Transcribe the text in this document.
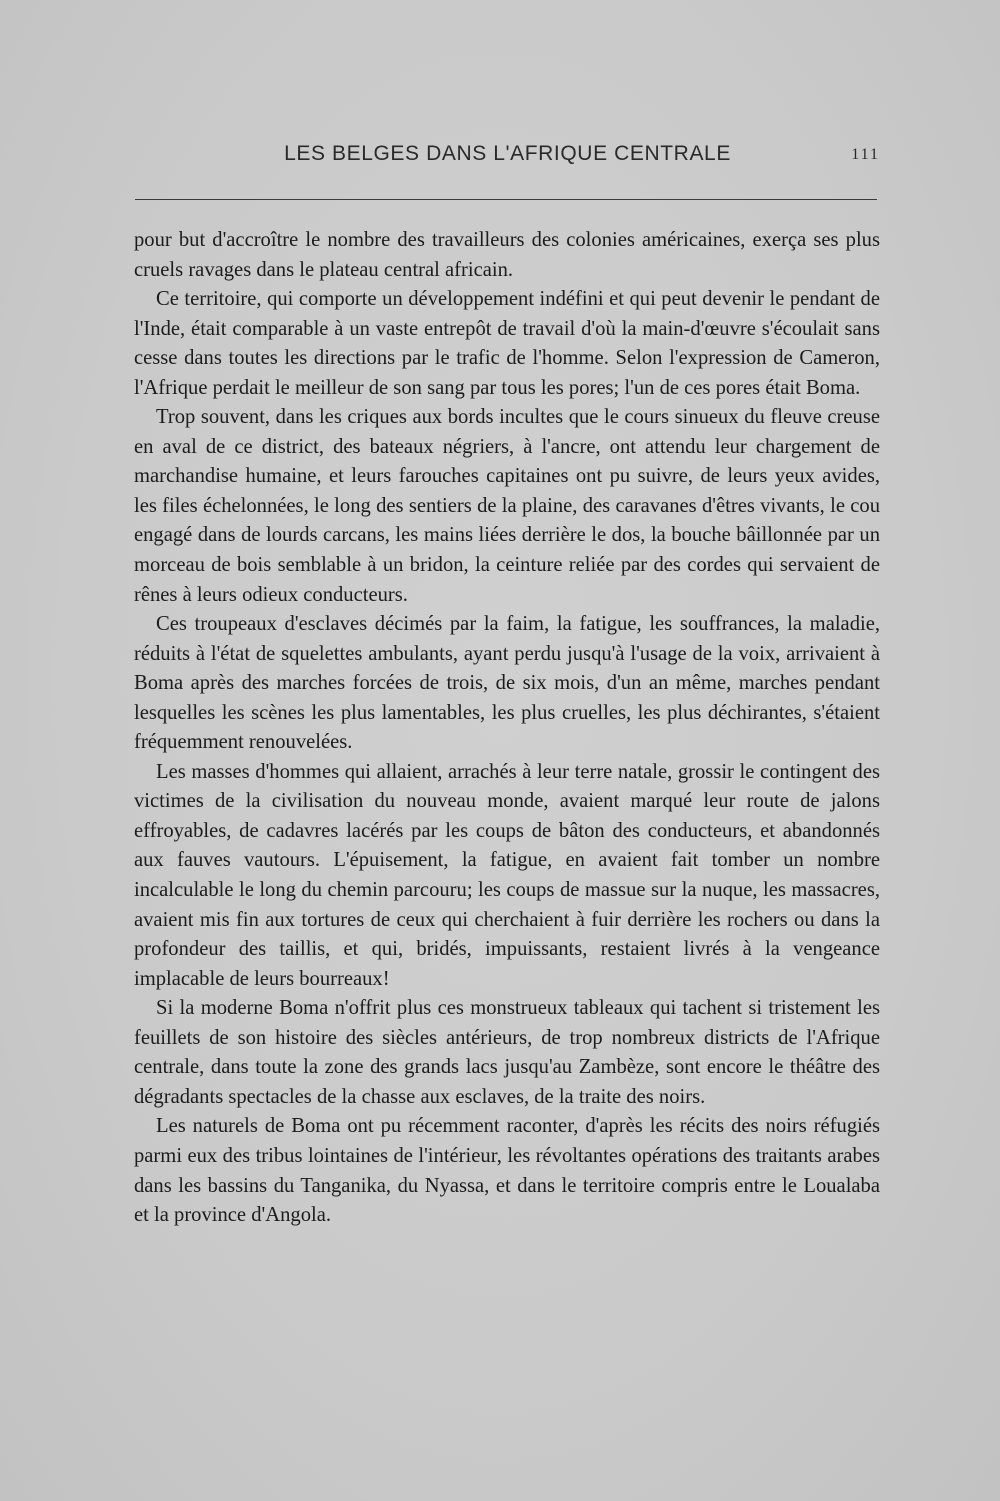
LES BELGES DANS L'AFRIQUE CENTRALE	111

pour but d'accroître le nombre des travailleurs des colonies américaines, exerça ses plus cruels ravages dans le plateau central africain.

Ce territoire, qui comporte un développement indéfini et qui peut devenir le pendant de l'Inde, était comparable à un vaste entrepôt de travail d'où la main-d'œuvre s'écoulait sans cesse dans toutes les directions par le trafic de l'homme. Selon l'expression de Cameron, l'Afrique perdait le meilleur de son sang par tous les pores; l'un de ces pores était Boma.

Trop souvent, dans les criques aux bords incultes que le cours sinueux du fleuve creuse en aval de ce district, des bateaux négriers, à l'ancre, ont attendu leur chargement de marchandise humaine, et leurs farouches capitaines ont pu suivre, de leurs yeux avides, les files échelonnées, le long des sentiers de la plaine, des caravanes d'êtres vivants, le cou engagé dans de lourds carcans, les mains liées derrière le dos, la bouche bâillonnée par un morceau de bois semblable à un bridon, la ceinture reliée par des cordes qui servaient de rênes à leurs odieux conducteurs.

Ces troupeaux d'esclaves décimés par la faim, la fatigue, les souffrances, la maladie, réduits à l'état de squelettes ambulants, ayant perdu jusqu'à l'usage de la voix, arrivaient à Boma après des marches forcées de trois, de six mois, d'un an même, marches pendant lesquelles les scènes les plus lamentables, les plus cruelles, les plus déchirantes, s'étaient fréquemment renouvelées.

Les masses d'hommes qui allaient, arrachés à leur terre natale, grossir le contingent des victimes de la civilisation du nouveau monde, avaient marqué leur route de jalons effroyables, de cadavres lacérés par les coups de bâton des conducteurs, et abandonnés aux fauves vautours. L'épuisement, la fatigue, en avaient fait tomber un nombre incalculable le long du chemin parcouru; les coups de massue sur la nuque, les massacres, avaient mis fin aux tortures de ceux qui cherchaient à fuir derrière les rochers ou dans la profondeur des taillis, et qui, bridés, impuissants, restaient livrés à la vengeance implacable de leurs bourreaux!

Si la moderne Boma n'offrit plus ces monstrueux tableaux qui tachent si tristement les feuillets de son histoire des siècles antérieurs, de trop nombreux districts de l'Afrique centrale, dans toute la zone des grands lacs jusqu'au Zambèze, sont encore le théâtre des dégradants spectacles de la chasse aux esclaves, de la traite des noirs.

Les naturels de Boma ont pu récemment raconter, d'après les récits des noirs réfugiés parmi eux des tribus lointaines de l'intérieur, les révoltantes opérations des traitants arabes dans les bassins du Tanganika, du Nyassa, et dans le territoire compris entre le Loualaba et la province d'Angola.
